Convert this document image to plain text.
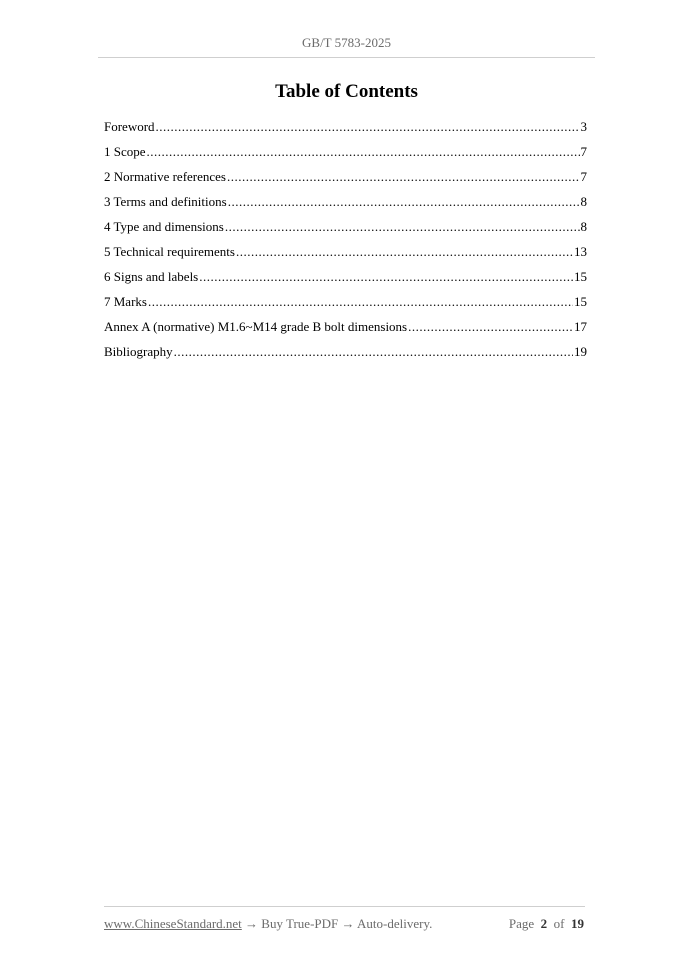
GB/T 5783-2025
Table of Contents
Foreword .....	3
1 Scope .....	7
2 Normative references .....	7
3 Terms and definitions .....	8
4 Type and dimensions .....	8
5 Technical requirements .....	13
6 Signs and labels .....	15
7 Marks .....	15
Annex A (normative) M1.6~M14 grade B bolt dimensions .....	17
Bibliography .....	19
www.ChineseStandard.net → Buy True-PDF → Auto-delivery.	Page 2 of 19
